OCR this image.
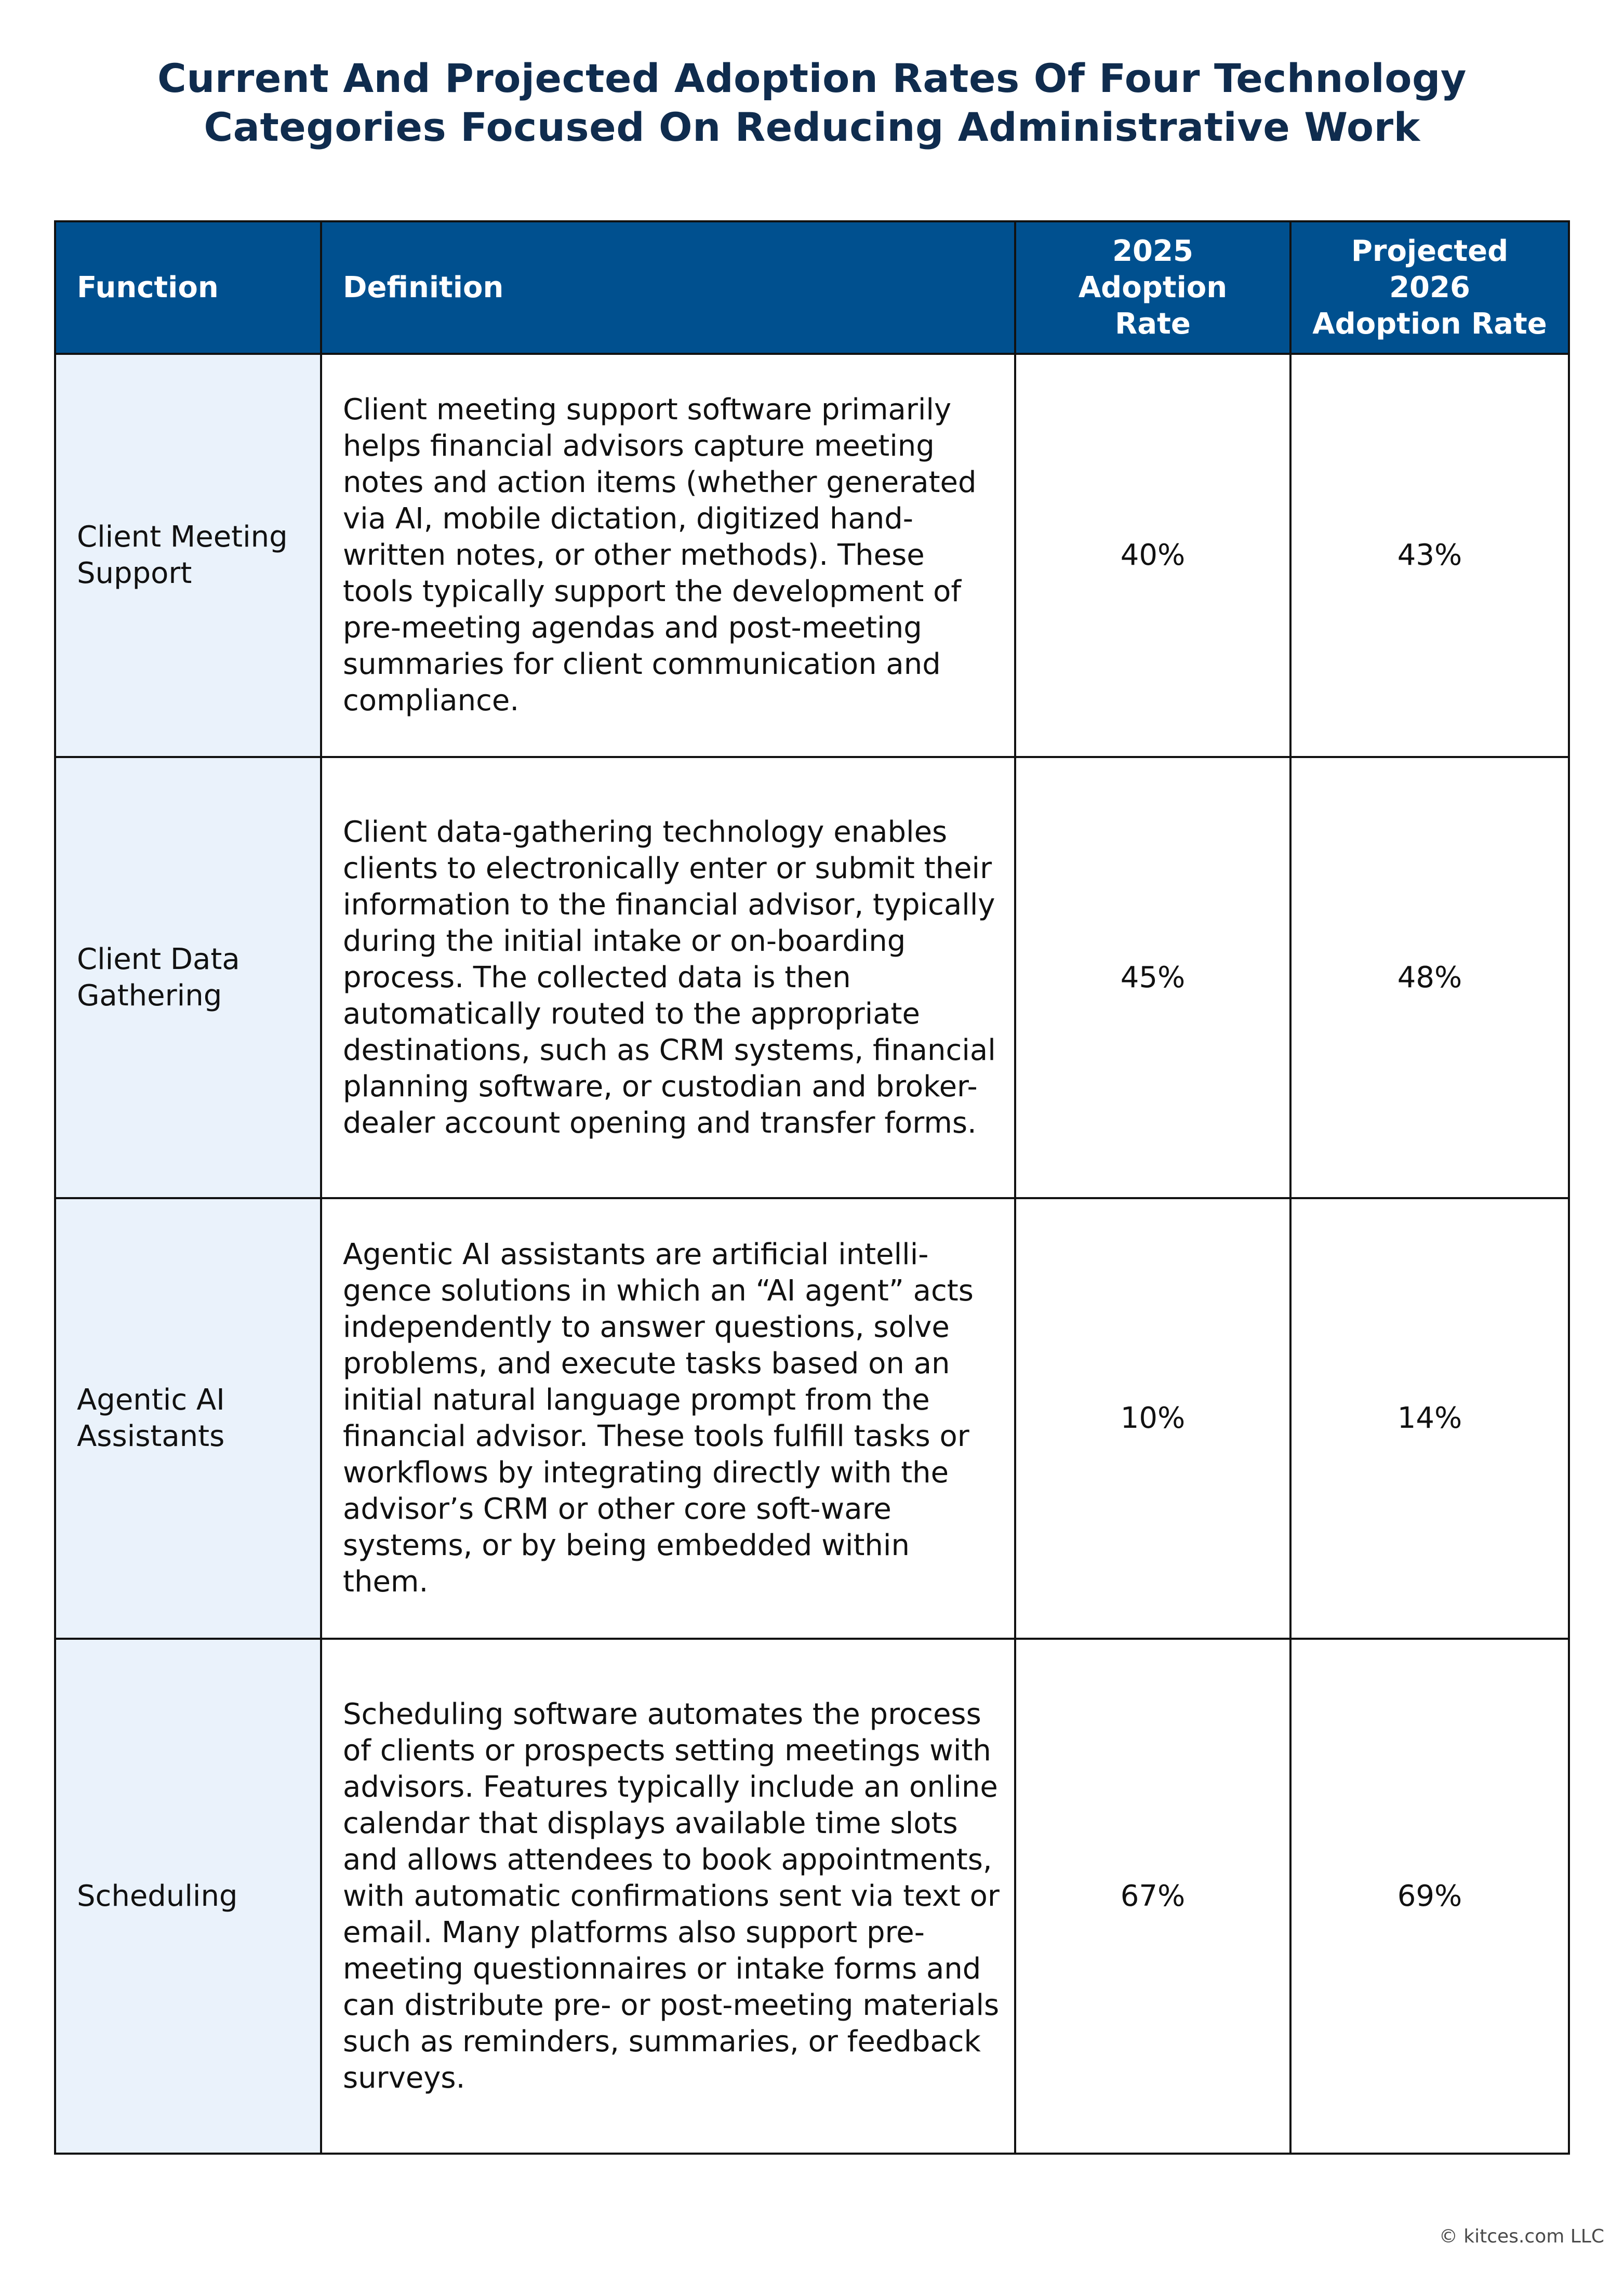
Current And Projected Adoption Rates Of Four Technology
Categories Focused On Reducing Administrative Work
Function	Definition	2025 Adoption Rate	Projected 2026 Adoption Rate
Client Meeting Support	Client meeting support software primarily helps financial advisors capture meeting notes and action items (whether generated via AI, mobile dictation, digitized hand-written notes, or other methods). These tools typically support the development of pre-meeting agendas and post-meeting summaries for client communication and compliance.	40%	43%
Client Data Gathering	Client data-gathering technology enables clients to electronically enter or submit their information to the financial advisor, typically during the initial intake or on-boarding process. The collected data is then automatically routed to the appropriate destinations, such as CRM systems, financial planning software, or custodian and broker-dealer account opening and transfer forms.	45%	48%
Agentic AI Assistants	Agentic AI assistants are artificial intelli-gence solutions in which an “AI agent” acts independently to answer questions, solve problems, and execute tasks based on an initial natural language prompt from the financial advisor. These tools fulfill tasks or workflows by integrating directly with the advisor’s CRM or other core soft-ware systems, or by being embedded within them.	10%	14%
Scheduling	Scheduling software automates the process of clients or prospects setting meetings with advisors. Features typically include an online calendar that displays available time slots and allows attendees to book appointments, with automatic confirmations sent via text or email. Many platforms also support pre-meeting questionnaires or intake forms and can distribute pre- or post-meeting materials such as reminders, summaries, or feedback surveys.	67%	69%
© kitces.com LLC
